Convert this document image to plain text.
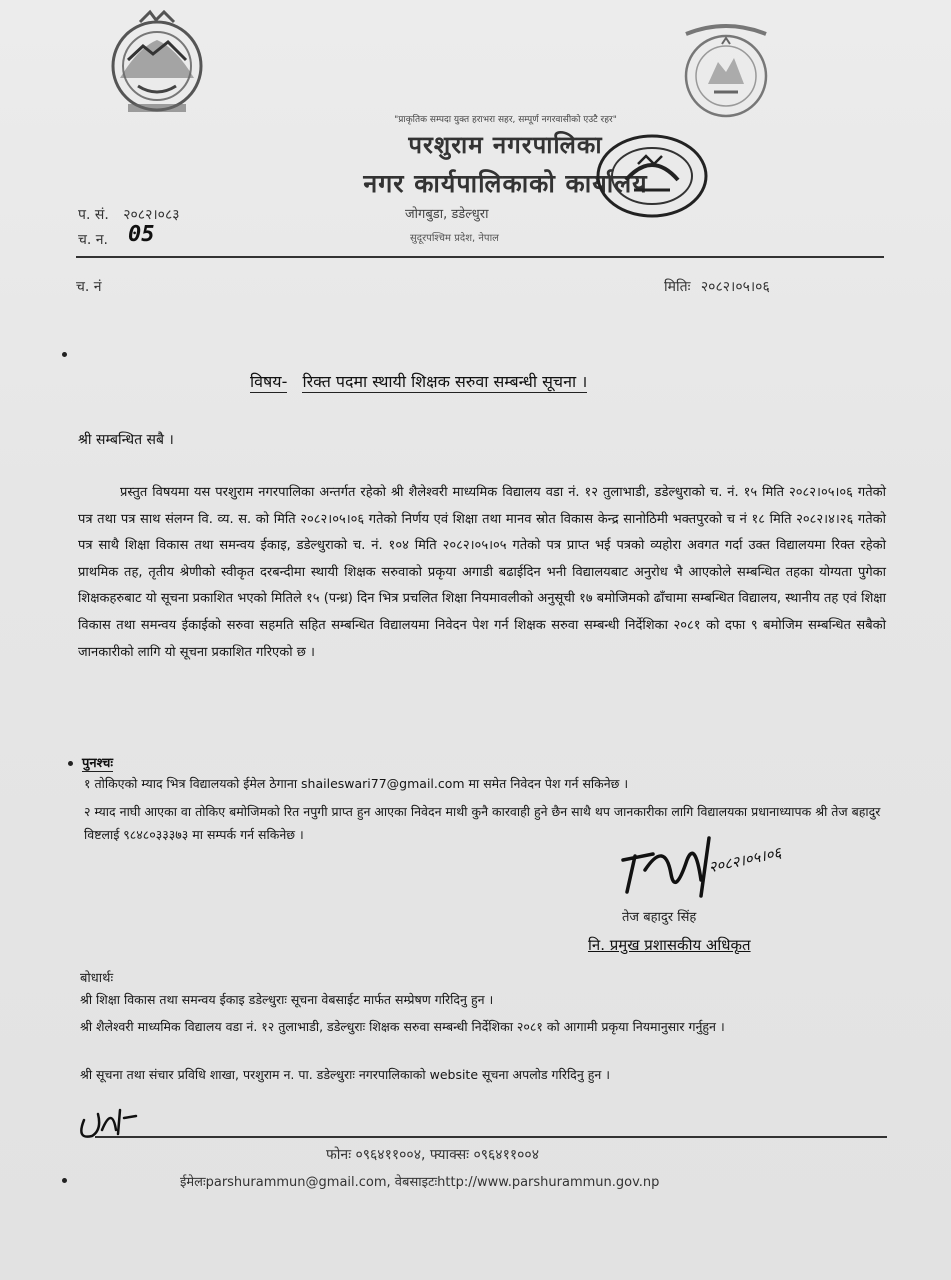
"प्राकृतिक सम्पदा युक्त हराभरा सहर, सम्पूर्ण नगरवासीको एउटै रहर"
परशुराम नगरपालिका
नगर कार्यपालिकाको कार्यालय
जोगबुडा, डडेल्धुरा
सुदूरपश्चिम प्रदेश, नेपाल
प. सं. २०८२।०८३
च. न. 05
च. नं	मितिः २०८२।०५।०६
विषय- रिक्त पदमा स्थायी शिक्षक सरुवा सम्बन्धी सूचना ।
श्री सम्बन्धित सबै ।
प्रस्तुत विषयमा यस परशुराम नगरपालिका अन्तर्गत रहेको श्री शैलेश्वरी माध्यमिक विद्यालय वडा नं. १२ तुलाभाडी, डडेल्धुराको च. नं. १५ मिति २०८२।०५।०६ गतेको पत्र तथा पत्र साथ संलग्न वि. व्य. स. को मिति २०८२।०५।०६ गतेको निर्णय एवं शिक्षा तथा मानव स्रोत विकास केन्द्र सानोठिमी भक्तपुरको च नं १८ मिति २०८२।४।२६ गतेको पत्र साथै शिक्षा विकास तथा समन्वय ईकाइ, डडेल्धुराको च. नं. १०४ मिति २०८२।०५।०५ गतेको पत्र प्राप्त भई पत्रको व्यहोरा अवगत गर्दा उक्त विद्यालयमा रिक्त रहेको प्राथमिक तह, तृतीय श्रेणीको स्वीकृत दरबन्दीमा स्थायी शिक्षक सरुवाको प्रकृया अगाडी बढाईदिन भनी विद्यालयबाट अनुरोध भै आएकोले सम्बन्धित तहका योग्यता पुगेका शिक्षकहरुबाट यो सूचना प्रकाशित भएको मितिले १५ (पन्ध्र) दिन भित्र प्रचलित शिक्षा नियमावलीको अनुसूची १७ बमोजिमको ढाँचामा सम्बन्धित विद्यालय, स्थानीय तह एवं शिक्षा विकास तथा समन्वय ईकाईको सरुवा सहमति सहित सम्बन्धित विद्यालयमा निवेदन पेश गर्न शिक्षक सरुवा सम्बन्धी निर्देशिका २०८१ को दफा ९ बमोजिम सम्बन्धित सबैको जानकारीको लागि यो सूचना प्रकाशित गरिएको छ ।
पुनश्चः
१ तोकिएको म्याद भित्र विद्यालयको ईमेल ठेगाना shaileswari77@gmail.com मा समेत निवेदन पेश गर्न सकिनेछ ।
२ म्याद नाघी आएका वा तोकिए बमोजिमको रित नपुगी प्राप्त हुन आएका निवेदन माथी कुनै कारवाही हुने छैन साथै थप जानकारीका लागि विद्यालयका प्रधानाध्यापक श्री तेज बहादुर विष्टलाई ९८४८०३३३७३ मा सम्पर्क गर्न सकिनेछ ।
२०८२।०५।०६
तेज बहादुर सिंह
नि. प्रमुख प्रशासकीय अधिकृत
बोधार्थः
श्री शिक्षा विकास तथा समन्वय ईकाइ डडेल्धुराः सूचना वेबसाईट मार्फत सम्प्रेषण गरिदिनु हुन ।
श्री शैलेश्वरी माध्यमिक विद्यालय वडा नं. १२ तुलाभाडी, डडेल्धुराः शिक्षक सरुवा सम्बन्धी निर्देशिका २०८१ को आगामी प्रकृया नियमानुसार गर्नुहुन ।
श्री सूचना तथा संचार प्रविधि शाखा, परशुराम न. पा. डडेल्धुराः नगरपालिकाको website सूचना अपलोड गरिदिनु हुन ।
फोनः ०९६४११००४, फ्याक्सः ०९६४११००४
ईमेलःparshurammun@gmail.com, वेबसाइटःhttp://www.parshurammun.gov.np
